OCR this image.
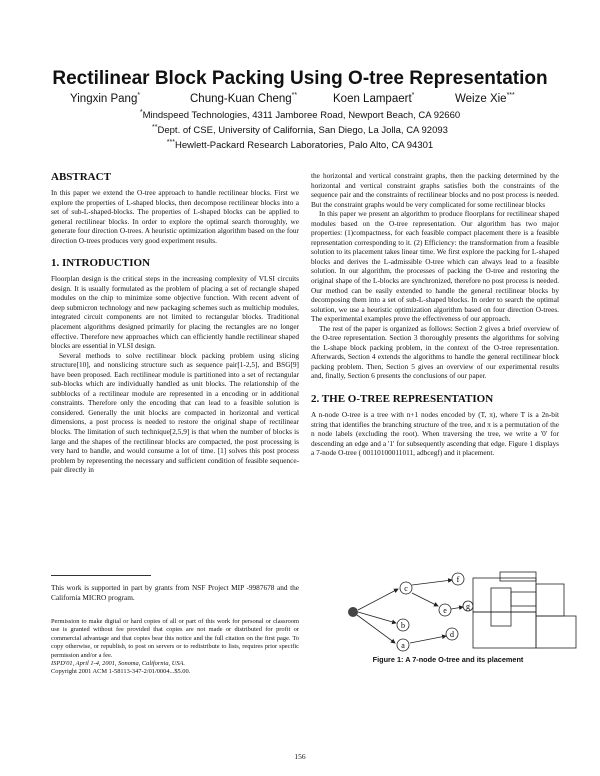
Rectilinear Block Packing Using O-tree Representation
Yingxin Pang*	Chung-Kuan Cheng**	Koen Lampaert*	Weize Xie***
*Mindspeed Technologies, 4311 Jamboree Road, Newport Beach, CA 92660
**Dept. of CSE, University of California, San Diego, La Jolla, CA 92093
***Hewlett-Packard Research Laboratories, Palo Alto, CA 94301
ABSTRACT

In this paper we extend the O-tree approach to handle rectilinear blocks. First we explore the properties of L-shaped blocks, then decompose rectilinear blocks into a set of sub-L-shaped-blocks. The properties of L-shaped blocks can be applied to general rectilinear blocks. In order to explore the optimal search thoroughly, we generate four direction O-trees. A heuristic optimization algorithm based on the four direction O-trees produces very good experiment results.

1. INTRODUCTION

Floorplan design is the critical steps in the increasing complexity of VLSI circuits design. It is usually formulated as the problem of placing a set of rectangle shaped modules on the chip to minimize some objective function. With recent advent of deep submicron technology and new packaging schemes such as multichip modules, integrated circuit components are not limited to rectangular blocks. Traditional placement algorithms designed primarily for placing the rectangles are no longer effective. Therefore new approaches which can efficiently handle rectilinear shaped blocks are essential in VLSI design.

Several methods to solve rectilinear block packing problem using slicing structure[10], and nonslicing structure such as sequence pair[1-2,5], and BSG[9] have been proposed. Each rectilinear module is partitioned into a set of rectangular sub-blocks which are individually handled as unit blocks. The relationship of the subblocks of a rectilinear module are represented in a encoding or in additional constraints. Therefore only the encoding that can lead to a feasible solution is considered. Generally the unit blocks are compacted in horizontal and vertical dimensions, a post process is needed to restore the original shape of rectilinear blocks. The limitation of such technique[2,5,9] is that when the number of blocks is large and the shapes of the rectilinear blocks are compacted, the post processing is very hard to handle, and would consume a lot of time. [1] solves this post process problem by representing the necessary and sufficient condition of feasible sequence-pair directly in

This work is supported in part by grants from NSF Project MIP -9987678 and the California MICRO program.
Permission to make digital or hard copies of all or part of this work for personal or classroom use is granted without fee provided that copies are not made or distributed for profit or commercial advantage and that copies bear this notice and the full citation on the first page. To copy otherwise, or republish, to post on servers or to redistribute to lists, requires prior specific permission and/or a fee.
ISPD'01, April 1-4, 2001, Sonoma, California, USA.
Copyright 2001 ACM 1-58113-347-2/01/0004...$5.00.

the horizontal and vertical constraint graphs, then the packing determined by the horizontal and vertical constraint graphs satisfies both the constraints of the sequence pair and the constraints of rectilinear blocks and no post process is needed. But the constraint graphs would be very complicated for some rectilinear blocks

In this paper we present an algorithm to produce floorplans for rectilinear shaped modules based on the O-tree representation. Our algorithm has two major properties: (1)compactness, for each feasible compact placement there is a feasible representation corresponding to it. (2) Efficiency: the transformation from a feasible solution to its placement takes linear time. We first explore the packing for L-shaped blocks and derives the L-admissible O-tree which can always lead to a feasible solution. In our algorithm, the processes of packing the O-tree and restoring the original shape of the L-blocks are synchronized, therefore no post process is needed. Our method can be easily extended to handle the general rectilinear blocks by decomposing them into a set of sub-L-shaped blocks. In order to search the optimal solution, we use a heuristic optimization algorithm based on four direction O-trees. The experimental examples prove the effectiveness of our approach.

The rest of the paper is organized as follows: Section 2 gives a brief overview of the O-tree representation. Section 3 thoroughly presents the algorithms for solving the L-shape block packing problem, in the context of the O-tree representation. Afterwards, Section 4 extends the algorithms to handle the general rectilinear block packing problem. Then, Section 5 gives an overview of our experimental results and, finally, Section 6 presents the conclusions of our paper.

2. THE O-TREE REPRESENTATION

A n-node O-tree is a tree with n+1 nodes encoded by (T, π), where T is a 2n-bit string that identifies the branching structure of the tree, and π is a permutation of the n node labels (excluding the root). When traversing the tree, we write a '0' for descending an edge and a '1' for subsequently ascending that edge. Figure 1 displays a 7-node O-tree ( 00110100011011, adbcegf) and it placement.

c
f
b
e g
a
d
Figure 1: A 7-node O-tree and its placement
156
